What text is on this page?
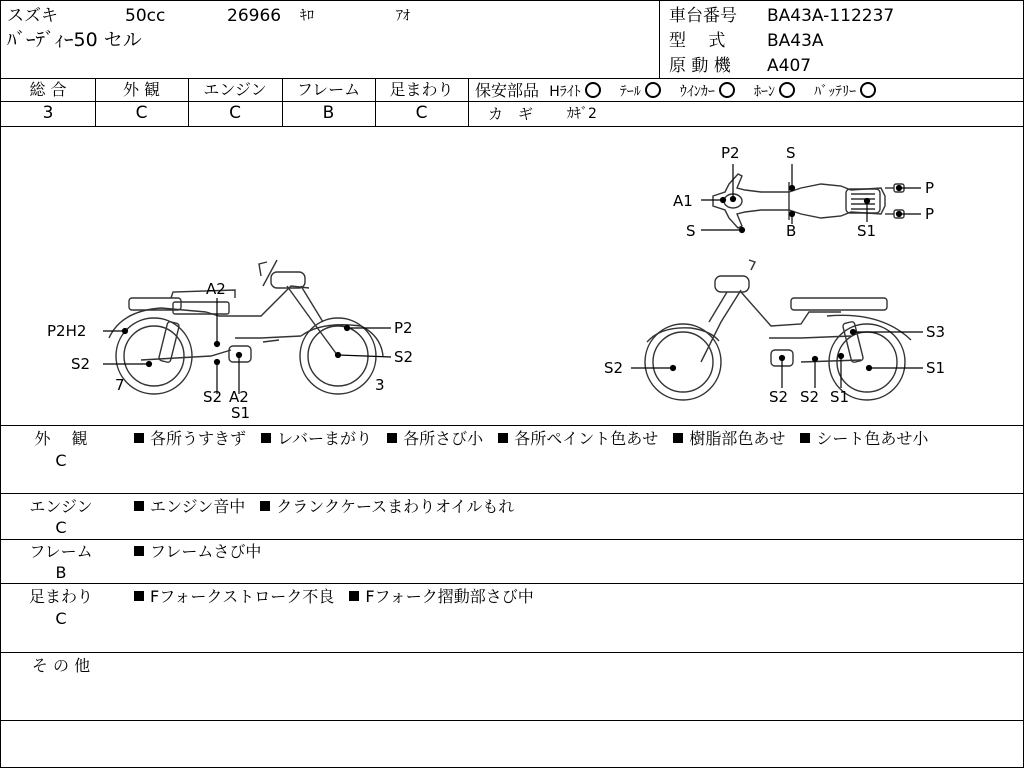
スズキ	50cc	26966 ｷﾛ	ｱｵ
ﾊﾞｰﾃﾞｨｰ50 セル
車台番号 BA43A-112237
型　 式 BA43A
原 動 機 A407
総 合	外 観	エンジン	フレーム	足まわり
3	C	C	B	C
保安部品 Hﾗｲﾄ	ﾃｰﾙ	ｳｲﾝｶｰ	ﾎｰﾝ	ﾊﾞｯﾃﾘｰ
カ　ギ ｶｷﾞ2
P2	S
A1
S	B	S1
P
P
A2
P2H2	P2
S2
S2
7
S2 A2
S1
3
S3
S2	S1
S2 S2 S1
外　 観
C
各所うすきず レバーまがり 各所さび小 各所ペイント色あせ 樹脂部色あせ シート色あせ小
エンジン
C
エンジン音中 クランクケースまわりオイルもれ
フレーム
B
フレームさび中
足まわり
C
Fフォークストローク不良 Fフォーク摺動部さび中
そ の 他
